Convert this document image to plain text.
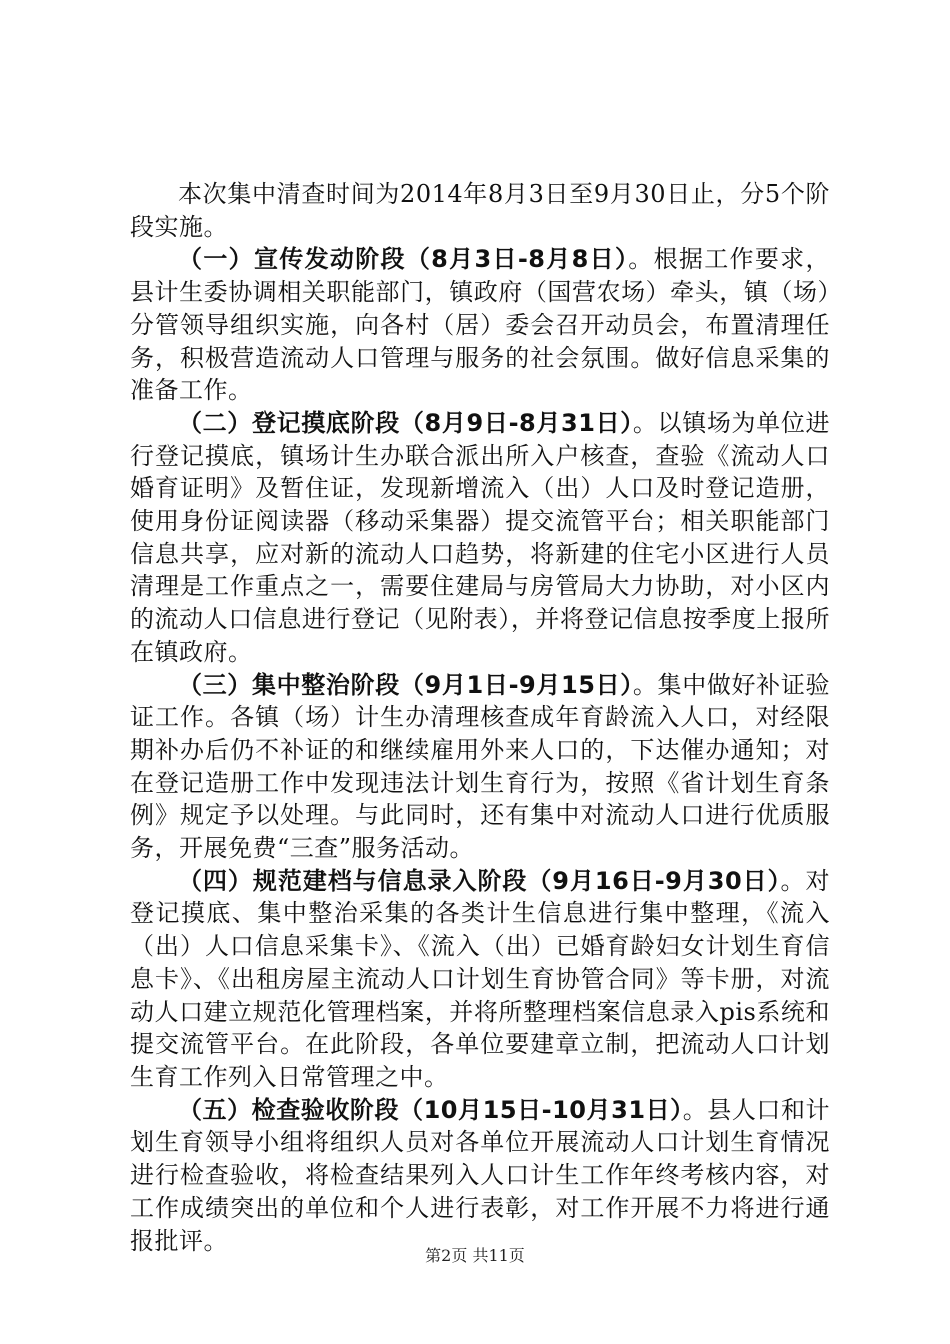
本次集中清查时间为2014年8月3日至9月30日止，分5个阶段实施。

（一）宣传发动阶段（8月3日-8月8日）。根据工作要求，县计生委协调相关职能部门，镇政府（国营农场）牵头，镇（场）分管领导组织实施，向各村（居）委会召开动员会，布置清理任务，积极营造流动人口管理与服务的社会氛围。做好信息采集的准备工作。

（二）登记摸底阶段（8月9日-8月31日）。以镇场为单位进行登记摸底，镇场计生办联合派出所入户核查，查验《流动人口婚育证明》及暂住证，发现新增流入（出）人口及时登记造册，使用身份证阅读器（移动采集器）提交流管平台；相关职能部门信息共享，应对新的流动人口趋势，将新建的住宅小区进行人员清理是工作重点之一，需要住建局与房管局大力协助，对小区内的流动人口信息进行登记（见附表），并将登记信息按季度上报所在镇政府。

（三）集中整治阶段（9月1日-9月15日）。集中做好补证验证工作。各镇（场）计生办清理核查成年育龄流入人口，对经限期补办后仍不补证的和继续雇用外来人口的，下达催办通知；对在登记造册工作中发现违法计划生育行为，按照《省计划生育条例》规定予以处理。与此同时，还有集中对流动人口进行优质服务，开展免费“三查”服务活动。

（四）规范建档与信息录入阶段（9月16日-9月30日）。对登记摸底、集中整治采集的各类计生信息进行集中整理，《流入（出）人口信息采集卡》、《流入（出）已婚育龄妇女计划生育信息卡》、《出租房屋主流动人口计划生育协管合同》等卡册，对流动人口建立规范化管理档案，并将所整理档案信息录入pis系统和提交流管平台。在此阶段，各单位要建章立制，把流动人口计划生育工作列入日常管理之中。

（五）检查验收阶段（10月15日-10月31日）。县人口和计划生育领导小组将组织人员对各单位开展流动人口计划生育情况进行检查验收，将检查结果列入人口计生工作年终考核内容，对工作成绩突出的单位和个人进行表彰，对工作开展不力将进行通报批评。

第2页 共11页
